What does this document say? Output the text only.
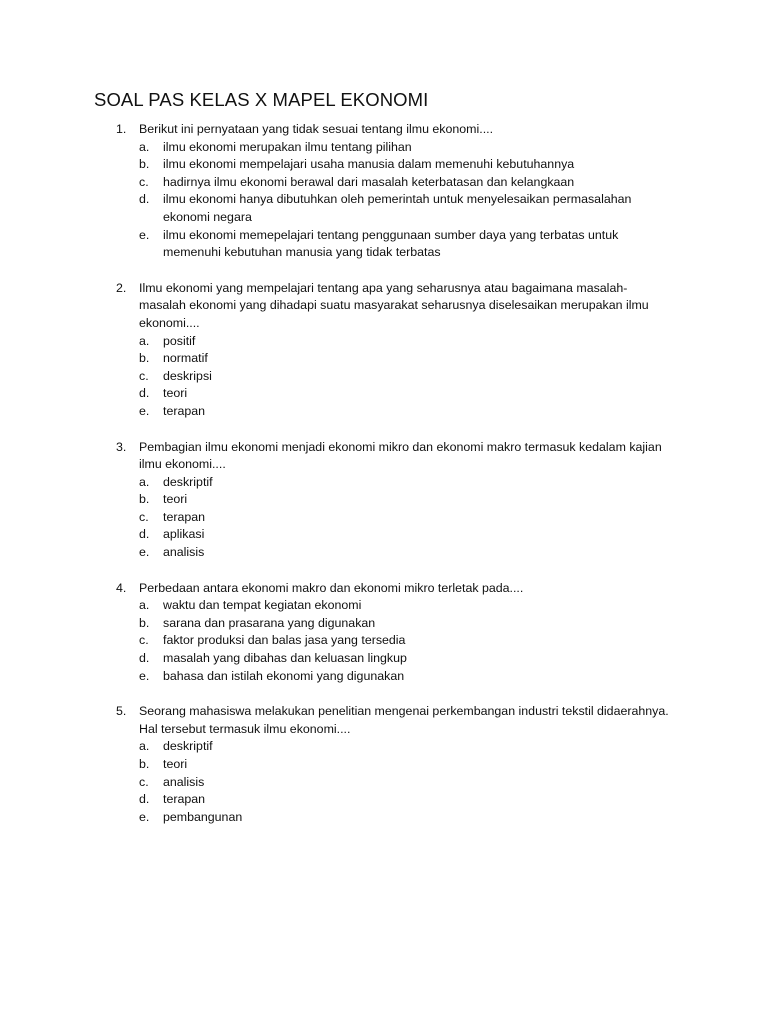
SOAL PAS KELAS X MAPEL EKONOMI
1. Berikut ini pernyataan yang tidak sesuai tentang ilmu ekonomi....
a. ilmu ekonomi merupakan ilmu tentang pilihan
b. ilmu ekonomi mempelajari usaha manusia dalam memenuhi kebutuhannya
c. hadirnya ilmu ekonomi berawal dari masalah keterbatasan dan kelangkaan
d. ilmu ekonomi hanya dibutuhkan oleh pemerintah untuk menyelesaikan permasalahan ekonomi negara
e. ilmu ekonomi memepelajari tentang penggunaan sumber daya yang terbatas untuk memenuhi kebutuhan manusia yang tidak terbatas
2. Ilmu ekonomi yang mempelajari tentang apa yang seharusnya atau bagaimana masalah-masalah ekonomi yang dihadapi suatu masyarakat seharusnya diselesaikan merupakan ilmu ekonomi....
a. positif
b. normatif
c. deskripsi
d. teori
e. terapan
3. Pembagian ilmu ekonomi menjadi ekonomi mikro dan ekonomi makro termasuk kedalam kajian ilmu ekonomi....
a. deskriptif
b. teori
c. terapan
d. aplikasi
e. analisis
4. Perbedaan antara ekonomi makro dan ekonomi mikro terletak pada....
a. waktu dan tempat kegiatan ekonomi
b. sarana dan prasarana yang digunakan
c. faktor produksi dan balas jasa yang tersedia
d. masalah yang dibahas dan keluasan lingkup
e. bahasa dan istilah ekonomi yang digunakan
5. Seorang mahasiswa melakukan penelitian mengenai perkembangan industri tekstil didaerahnya. Hal tersebut termasuk ilmu ekonomi....
a. deskriptif
b. teori
c. analisis
d. terapan
e. pembangunan
